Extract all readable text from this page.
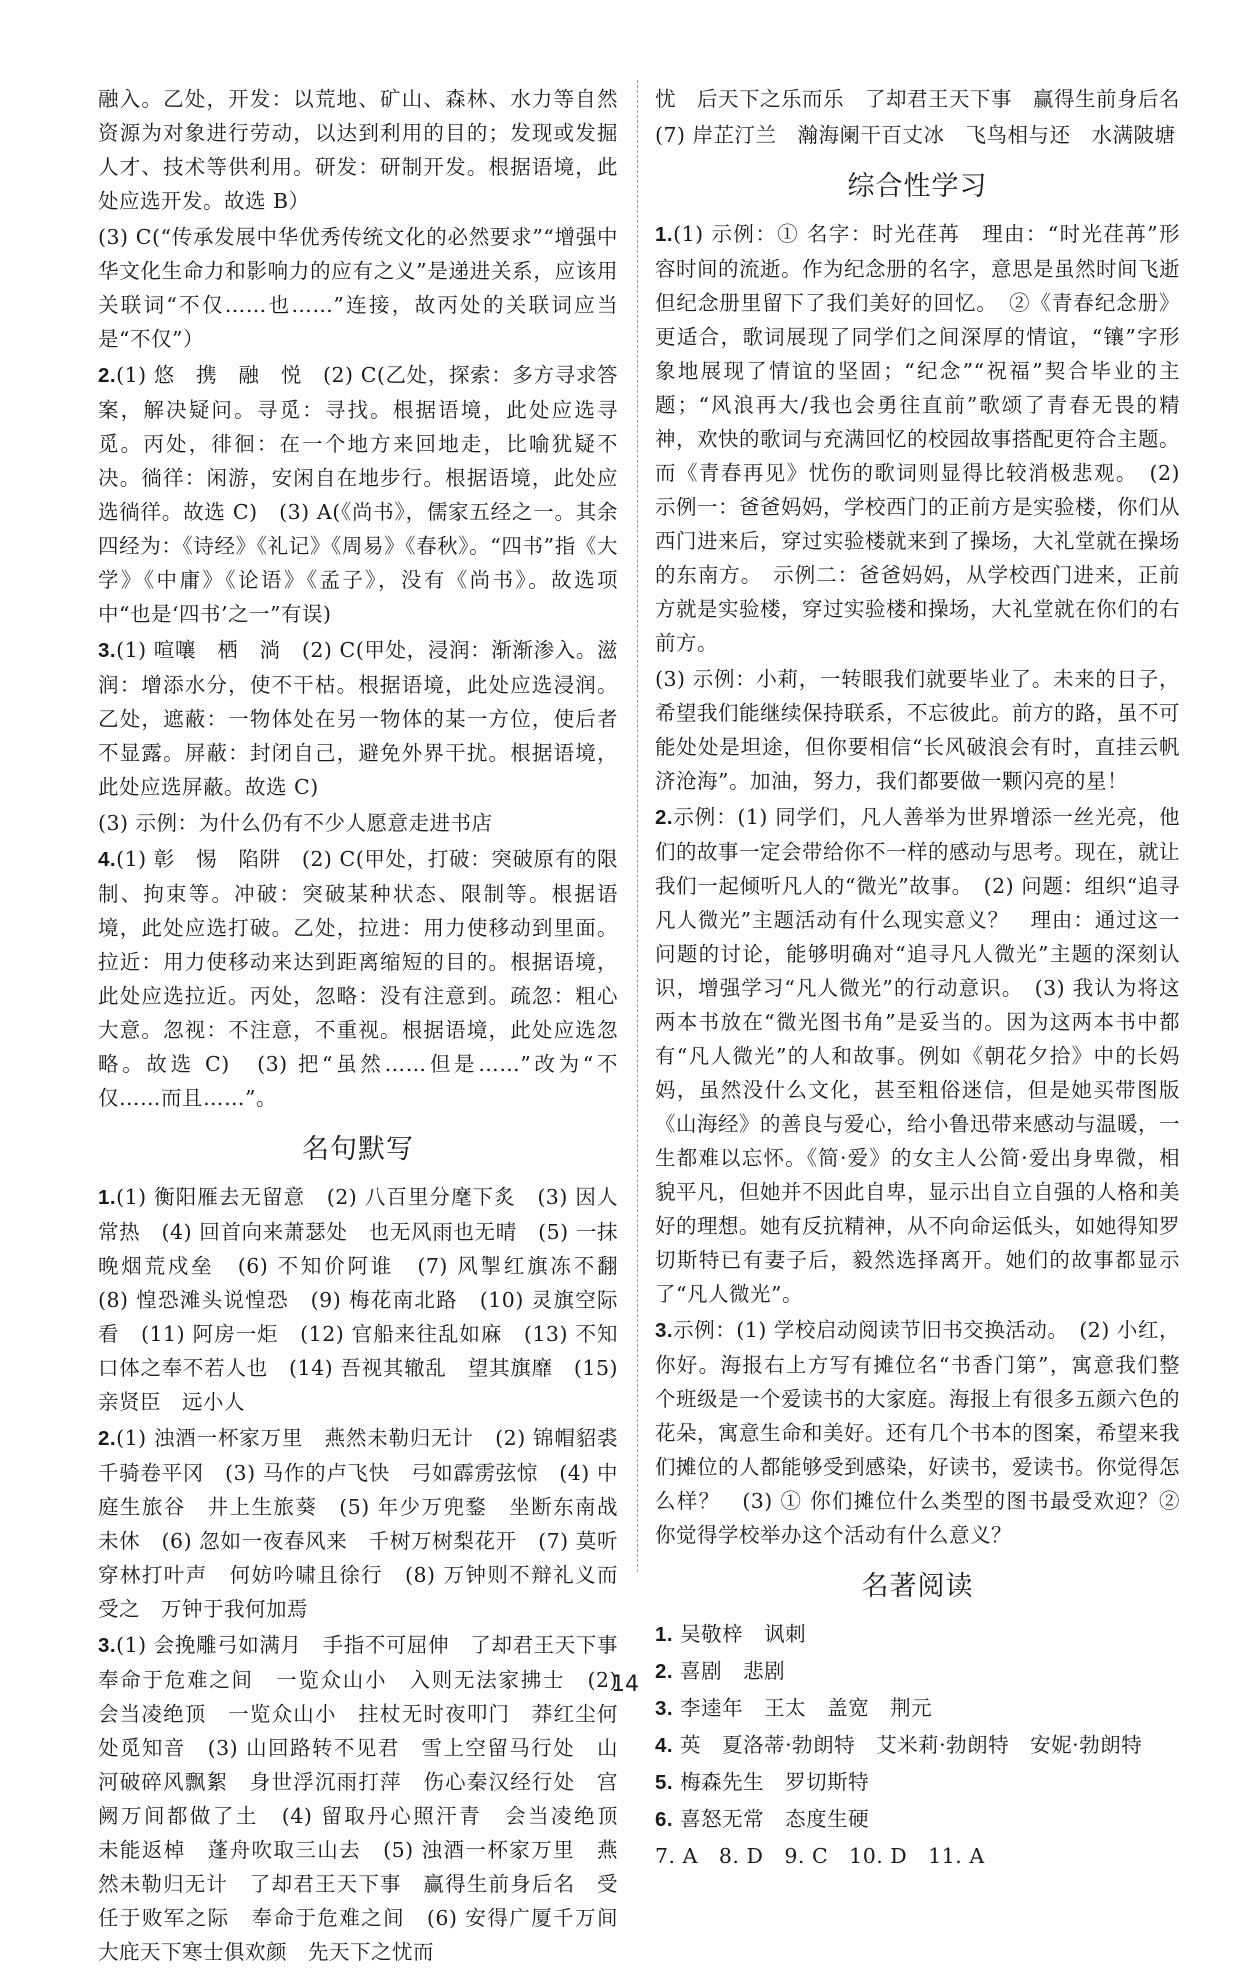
融入。乙处，开发：以荒地、矿山、森林、水力等自然资源为对象进行劳动，以达到利用的目的；发现或发掘人才、技术等供利用。研发：研制开发。根据语境，此处应选开发。故选 B）

(3) C(“传承发展中华优秀传统文化的必然要求”“增强中华文化生命力和影响力的应有之义”是递进关系，应该用关联词“不仅……也……”连接，故丙处的关联词应当是“不仅”）

2.(1) 悠　携　融　悦　(2) C(乙处，探索：多方寻求答案，解决疑问。寻觅：寻找。根据语境，此处应选寻觅。丙处，徘徊：在一个地方来回地走，比喻犹疑不决。徜徉：闲游，安闲自在地步行。根据语境，此处应选徜徉。故选 C)　(3) A(《尚书》，儒家五经之一。其余四经为：《诗经》《礼记》《周易》《春秋》。“四书”指《大学》《中庸》《论语》《孟子》，没有《尚书》。故选项中“也是‘四书’之一”有误)

3.(1) 喧嚷　栖　淌　(2) C(甲处，浸润：渐渐渗入。滋润：增添水分，使不干枯。根据语境，此处应选浸润。乙处，遮蔽：一物体处在另一物体的某一方位，使后者不显露。屏蔽：封闭自己，避免外界干扰。根据语境，此处应选屏蔽。故选 C)

(3) 示例：为什么仍有不少人愿意走进书店

4.(1) 彰　惕　陷阱　(2) C(甲处，打破：突破原有的限制、拘束等。冲破：突破某种状态、限制等。根据语境，此处应选打破。乙处，拉进：用力使移动到里面。拉近：用力使移动来达到距离缩短的目的。根据语境，此处应选拉近。丙处，忽略：没有注意到。疏忽：粗心大意。忽视：不注意，不重视。根据语境，此处应选忽略。故选 C)　(3) 把“虽然……但是……”改为“不仅……而且……”。

名句默写

1.(1) 衡阳雁去无留意　(2) 八百里分麾下炙　(3) 因人常热　(4) 回首向来萧瑟处　也无风雨也无晴　(5) 一抹晚烟荒戍垒　(6) 不知价阿谁　(7) 风掣红旗冻不翻　(8) 惶恐滩头说惶恐　(9) 梅花南北路　(10) 灵旗空际看　(11) 阿房一炬　(12) 官船来往乱如麻　(13) 不知口体之奉不若人也　(14) 吾视其辙乱　望其旗靡　(15) 亲贤臣　远小人

2.(1) 浊酒一杯家万里　燕然未勒归无计　(2) 锦帽貂裘　千骑卷平冈　(3) 马作的卢飞快　弓如霹雳弦惊　(4) 中庭生旅谷　井上生旅葵　(5) 年少万兜鍪　坐断东南战未休　(6) 忽如一夜春风来　千树万树梨花开　(7) 莫听穿林打叶声　何妨吟啸且徐行　(8) 万钟则不辩礼义而受之　万钟于我何加焉

3.(1) 会挽雕弓如满月　手指不可屈伸　了却君王天下事　奉命于危难之间　一览众山小　入则无法家拂士　(2) 会当凌绝顶　一览众山小　拄杖无时夜叩门　莽红尘何处觅知音　(3) 山回路转不见君　雪上空留马行处　山河破碎风飘絮　身世浮沉雨打萍　伤心秦汉经行处　宫阙万间都做了土　(4) 留取丹心照汗青　会当凌绝顶　未能返棹　蓬舟吹取三山去　(5) 浊酒一杯家万里　燕然未勒归无计　了却君王天下事　赢得生前身后名　受任于败军之际　奉命于危难之间　(6) 安得广厦千万间　大庇天下寒士俱欢颜　先天下之忧而

忧　后天下之乐而乐　了却君王天下事　赢得生前身后名

(7) 岸芷汀兰　瀚海阑干百丈冰　飞鸟相与还　水满陂塘

综合性学习

1.(1) 示例：① 名字：时光荏苒　理由：“时光荏苒”形容时间的流逝。作为纪念册的名字，意思是虽然时间飞逝但纪念册里留下了我们美好的回忆。　②《青春纪念册》更适合，歌词展现了同学们之间深厚的情谊，“镶”字形象地展现了情谊的坚固；“纪念”“祝福”契合毕业的主题；“风浪再大/我也会勇往直前”歌颂了青春无畏的精神，欢快的歌词与充满回忆的校园故事搭配更符合主题。而《青春再见》忧伤的歌词则显得比较消极悲观。　(2) 示例一：爸爸妈妈，学校西门的正前方是实验楼，你们从西门进来后，穿过实验楼就来到了操场，大礼堂就在操场的东南方。　示例二：爸爸妈妈，从学校西门进来，正前方就是实验楼，穿过实验楼和操场，大礼堂就在你们的右前方。

(3) 示例：小莉，一转眼我们就要毕业了。未来的日子，希望我们能继续保持联系，不忘彼此。前方的路，虽不可能处处是坦途，但你要相信“长风破浪会有时，直挂云帆济沧海”。加油，努力，我们都要做一颗闪亮的星！

2.示例：(1) 同学们，凡人善举为世界增添一丝光亮，他们的故事一定会带给你不一样的感动与思考。现在，就让我们一起倾听凡人的“微光”故事。　(2) 问题：组织“追寻凡人微光”主题活动有什么现实意义？　理由：通过这一问题的讨论，能够明确对“追寻凡人微光”主题的深刻认识，增强学习“凡人微光”的行动意识。　(3) 我认为将这两本书放在“微光图书角”是妥当的。因为这两本书中都有“凡人微光”的人和故事。例如《朝花夕拾》中的长妈妈，虽然没什么文化，甚至粗俗迷信，但是她买带图版《山海经》的善良与爱心，给小鲁迅带来感动与温暖，一生都难以忘怀。《简·爱》的女主人公简·爱出身卑微，相貌平凡，但她并不因此自卑，显示出自立自强的人格和美好的理想。她有反抗精神，从不向命运低头，如她得知罗切斯特已有妻子后，毅然选择离开。她们的故事都显示了“凡人微光”。

3.示例：(1) 学校启动阅读节旧书交换活动。　(2) 小红，你好。海报右上方写有摊位名“书香门第”，寓意我们整个班级是一个爱读书的大家庭。海报上有很多五颜六色的花朵，寓意生命和美好。还有几个书本的图案，希望来我们摊位的人都能够受到感染，好读书，爱读书。你觉得怎么样？　(3) ① 你们摊位什么类型的图书最受欢迎？② 你觉得学校举办这个活动有什么意义？

名著阅读

1. 吴敬梓　讽刺

2. 喜剧　悲剧

3. 李逵年　王太　盖宽　荆元

4. 英　夏洛蒂·勃朗特　艾米莉·勃朗特　安妮·勃朗特

5. 梅森先生　罗切斯特

6. 喜怒无常　态度生硬

7. A　8. D　9. C　10. D　11. A

14
